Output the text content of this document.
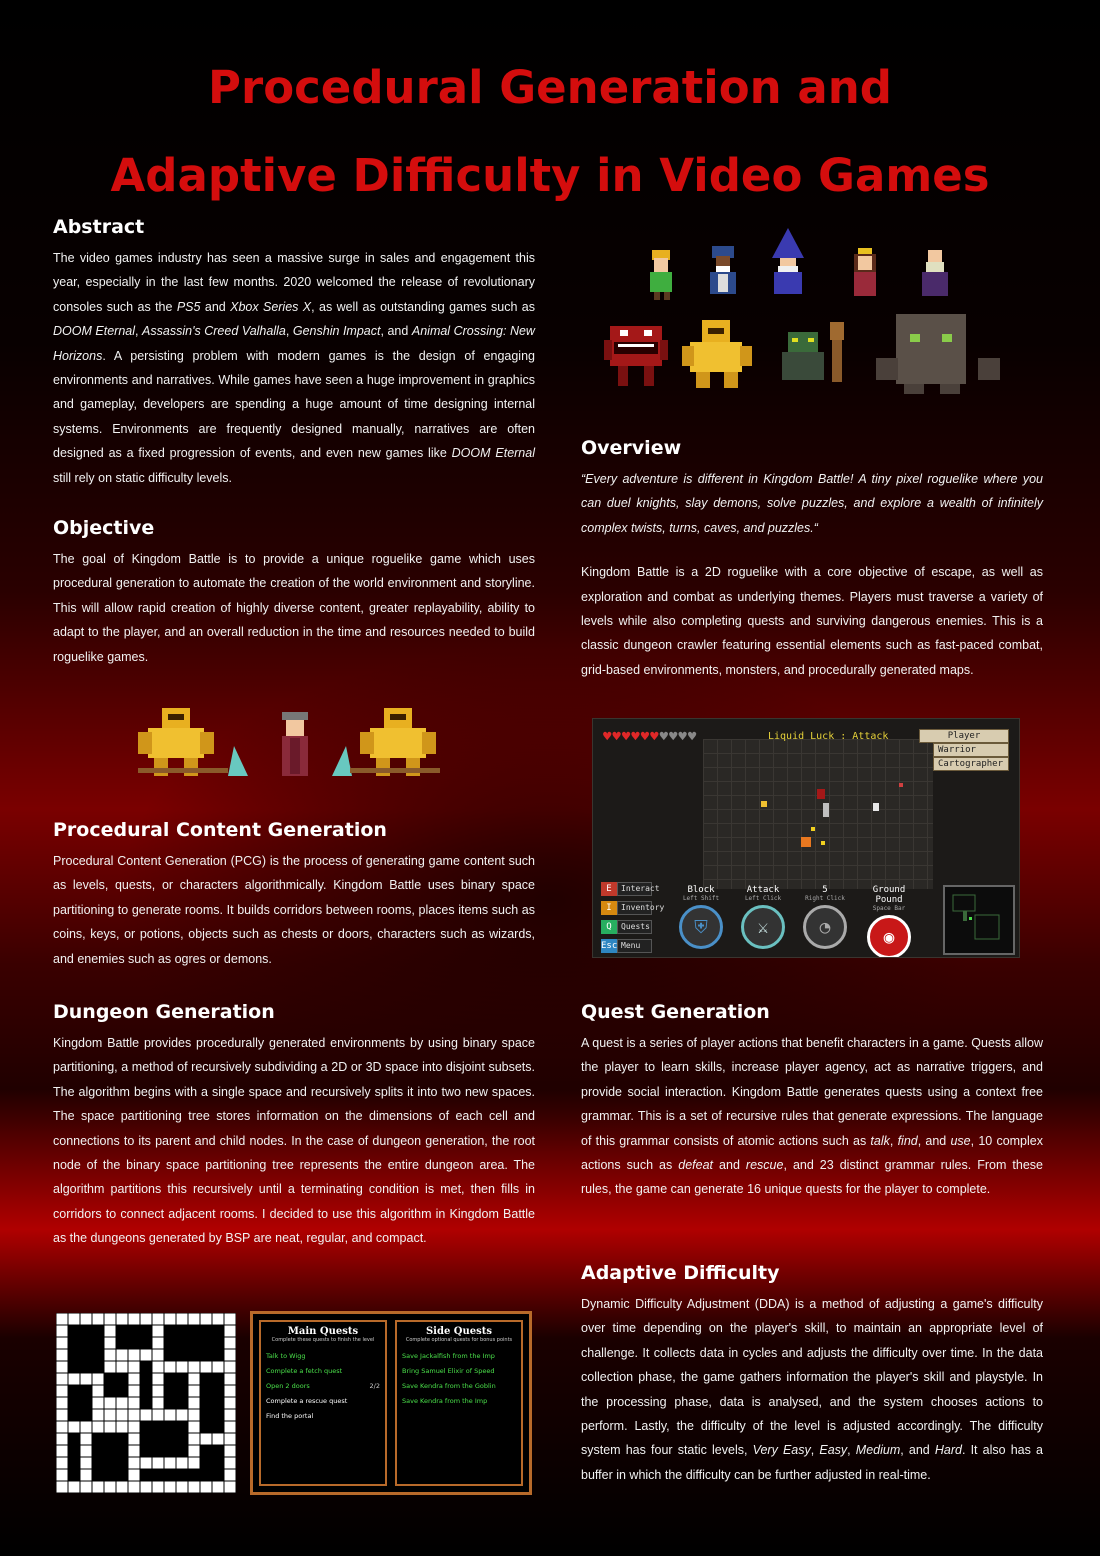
Procedural Generation and
Adaptive Difficulty in Video Games
Abstract

The video games industry has seen a massive surge in sales and engagement this year, especially in the last few months. 2020 welcomed the release of revolutionary consoles such as the PS5 and Xbox Series X, as well as outstanding games such as DOOM Eternal, Assassin's Creed Valhalla, Genshin Impact, and Animal Crossing: New Horizons. A persisting problem with modern games is the design of engaging environments and narratives. While games have seen a huge improvement in graphics and gameplay, developers are spending a huge amount of time designing internal systems. Environments are frequently designed manually, narratives are often designed as a fixed progression of events, and even new games like DOOM Eternal still rely on static difficulty levels.

Objective

The goal of Kingdom Battle is to provide a unique roguelike game which uses procedural generation to automate the creation of the world environment and storyline. This will allow rapid creation of highly diverse content, greater replayability, ability to adapt to the player, and an overall reduction in the time and resources needed to build roguelike games.

Overview

“Every adventure is different in Kingdom Battle! A tiny pixel roguelike where you can duel knights, slay demons, solve puzzles, and explore a wealth of infinitely complex twists, turns, caves, and puzzles.“

Kingdom Battle is a 2D roguelike with a core objective of escape, as well as exploration and combat as underlying themes. Players must traverse a variety of levels while also completing quests and surviving dangerous enemies. This is a classic dungeon crawler featuring essential elements such as fast-paced combat, grid-based environments, monsters, and procedurally generated maps.

♥♥♥♥♥♥♥♥♥♥	Liquid Luck : Attack	Player
Warrior
Cartographer
E	Interact
I	Inventory
Q	Quests
Esc Menu
Block
Left Shift
⛨
Attack
Left Click
⚔
5
Right Click
◔
Ground Pound
Space Bar
◉
Procedural Content Generation

Procedural Content Generation (PCG) is the process of generating game content such as levels, quests, or characters algorithmically. Kingdom Battle uses binary space partitioning to generate rooms. It builds corridors between rooms, places items such as coins, keys, or potions, objects such as chests or doors, characters such as wizards, and enemies such as ogres or demons.

Dungeon Generation

Kingdom Battle provides procedurally generated environments by using binary space partitioning, a method of recursively subdividing a 2D or 3D space into disjoint subsets. The algorithm begins with a single space and recursively splits it into two new spaces. The space partitioning tree stores information on the dimensions of each cell and connections to its parent and child nodes. In the case of dungeon generation, the root node of the binary space partitioning tree represents the entire dungeon area. The algorithm partitions this recursively until a terminating condition is met, then fills in corridors to connect adjacent rooms. I decided to use this algorithm in Kingdom Battle as the dungeons generated by BSP are neat, regular, and compact.

Quest Generation

A quest is a series of player actions that benefit characters in a game. Quests allow the player to learn skills, increase player agency, act as narrative triggers, and provide social interaction. Kingdom Battle generates quests using a context free grammar. This is a set of recursive rules that generate expressions. The language of this grammar consists of atomic actions such as talk, find, and use, 10 complex actions such as defeat and rescue, and 23 distinct grammar rules. From these rules, the game can generate 16 unique quests for the player to complete.

Adaptive Difficulty

Dynamic Difficulty Adjustment (DDA) is a method of adjusting a game's difficulty over time depending on the player's skill, to maintain an appropriate level of challenge. It collects data in cycles and adjusts the difficulty over time. In the data collection phase, the game gathers information the player's skill and playstyle. In the processing phase, data is analysed, and the system chooses actions to perform. Lastly, the difficulty of the level is adjusted accordingly. The difficulty system has four static levels, Very Easy, Easy, Medium, and Hard. It also has a buffer in which the difficulty can be further adjusted in real-time.

Main Quests
Complete these quests to finish the level
Talk to Wigg
Complete a fetch quest
Open 2 doors	2/2
Complete a rescue quest
Find the portal
Side Quests
Complete optional quests for bonus points
Save Jackalfish from the Imp
Bring Samuel Elixir of Speed
Save Kendra from the Goblin
Save Kendra from the Imp
